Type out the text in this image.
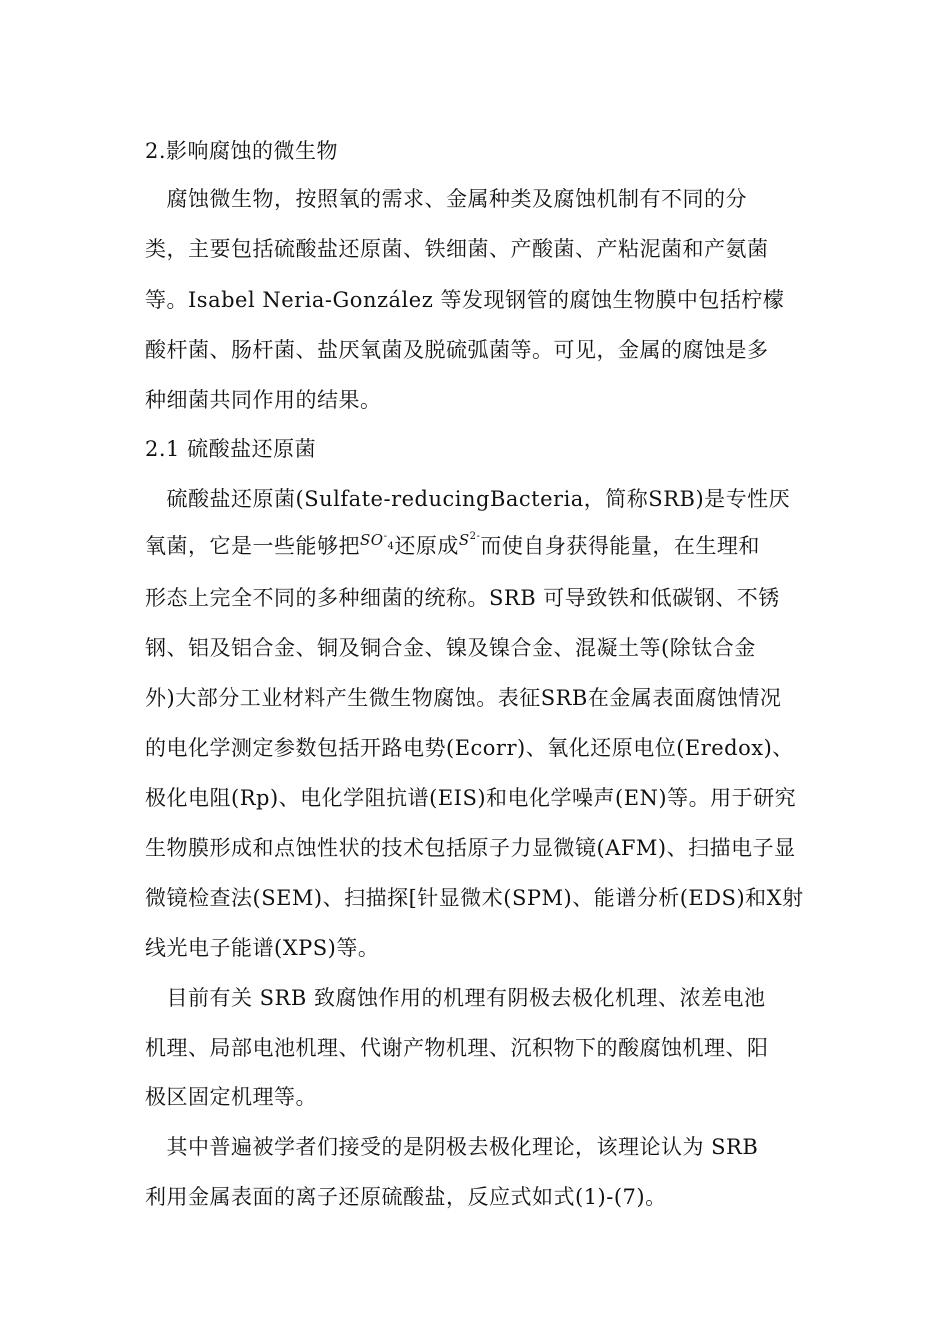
2.影响腐蚀的微生物
　腐蚀微生物，按照氧的需求、金属种类及腐蚀机制有不同的分
类，主要包括硫酸盐还原菌、铁细菌、产酸菌、产粘泥菌和产氨菌
等。Isabel Neria-González 等发现钢管的腐蚀生物膜中包括柠檬
酸杆菌、肠杆菌、盐厌氧菌及脱硫弧菌等。可见，金属的腐蚀是多
种细菌共同作用的结果。
2.1 硫酸盐还原菌
　硫酸盐还原菌(Sulfate-reducingBacteria，简称SRB)是专性厌
氧菌，它是一些能够把$^{SO^-_4}$还原成$^{S^{2-}}$而使自身获得能量，在生理和
形态上完全不同的多种细菌的统称。SRB 可导致铁和低碳钢、不锈
钢、铝及铝合金、铜及铜合金、镍及镍合金、混凝土等(除钛合金
外)大部分工业材料产生微生物腐蚀。表征SRB在金属表面腐蚀情况
的电化学测定参数包括开路电势(Ecorr)、氧化还原电位(Eredox)、
极化电阻(Rp)、电化学阻抗谱(EIS)和电化学噪声(EN)等。用于研究
生物膜形成和点蚀性状的技术包括原子力显微镜(AFM)、扫描电子显
微镜检查法(SEM)、扫描探[针显微术(SPM)、能谱分析(EDS)和X射
线光电子能谱(XPS)等。
　目前有关 SRB 致腐蚀作用的机理有阴极去极化机理、浓差电池
机理、局部电池机理、代谢产物机理、沉积物下的酸腐蚀机理、阳
极区固定机理等。
　其中普遍被学者们接受的是阴极去极化理论，该理论认为 SRB
利用金属表面的离子还原硫酸盐，反应式如式(1)-(7)。
